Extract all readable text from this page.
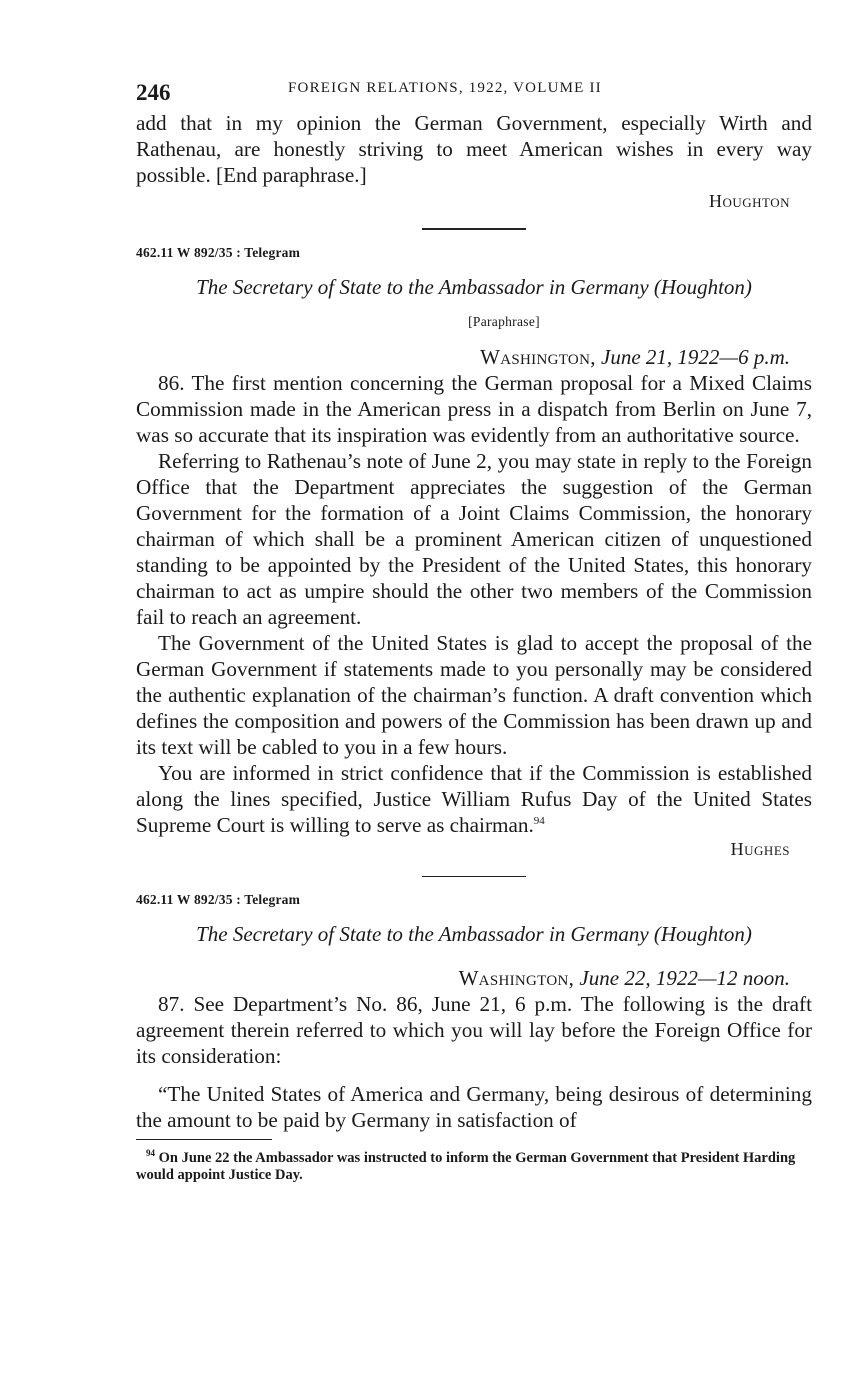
246	FOREIGN RELATIONS, 1922, VOLUME II

add that in my opinion the German Government, especially Wirth and Rathenau, are honestly striving to meet American wishes in every way possible. [End paraphrase.]

Houghton
462.11 W 892/35 : Telegram
The Secretary of State to the Ambassador in Germany (Houghton)
[Paraphrase]
Washington, June 21, 1922—6 p.m.

86. The first mention concerning the German proposal for a Mixed Claims Commission made in the American press in a dispatch from Berlin on June 7, was so accurate that its inspiration was evidently from an authoritative source.

Referring to Rathenau’s note of June 2, you may state in reply to the Foreign Office that the Department appreciates the suggestion of the German Government for the formation of a Joint Claims Commission, the honorary chairman of which shall be a prominent American citizen of unquestioned standing to be appointed by the President of the United States, this honorary chairman to act as umpire should the other two members of the Commission fail to reach an agreement.

The Government of the United States is glad to accept the proposal of the German Government if statements made to you personally may be considered the authentic explanation of the chairman’s function. A draft convention which defines the composition and powers of the Commission has been drawn up and its text will be cabled to you in a few hours.

You are informed in strict confidence that if the Commission is established along the lines specified, Justice William Rufus Day of the United States Supreme Court is willing to serve as chairman.$^{94}$

Hughes
462.11 W 892/35 : Telegram
The Secretary of State to the Ambassador in Germany (Houghton)
Washington, June 22, 1922—12 noon.

87. See Department’s No. 86, June 21, 6 p.m. The following is the draft agreement therein referred to which you will lay before the Foreign Office for its consideration:

“The United States of America and Germany, being desirous of determining the amount to be paid by Germany in satisfaction of

$^{94}$ On June 22 the Ambassador was instructed to inform the German Government that President Harding would appoint Justice Day.
